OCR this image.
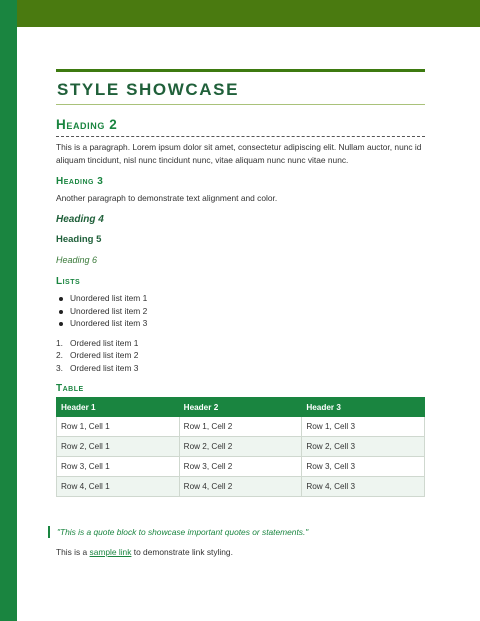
STYLE SHOWCASE
Heading 2

This is a paragraph. Lorem ipsum dolor sit amet, consectetur adipiscing elit. Nullam auctor, nunc id aliquam tincidunt, nisl nunc tincidunt nunc, vitae aliquam nunc nunc vitae nunc.

Heading 3

Another paragraph to demonstrate text alignment and color.

Heading 4
Heading 5
Heading 6
Lists
Unordered list item 1
Unordered list item 2
Unordered list item 3
1. Ordered list item 1
2. Ordered list item 2
3. Ordered list item 3
Table
Header 1	Header 2	Header 3
Row 1, Cell 1	Row 1, Cell 2	Row 1, Cell 3
Row 2, Cell 1	Row 2, Cell 2	Row 2, Cell 3
Row 3, Cell 1	Row 3, Cell 2	Row 3, Cell 3
Row 4, Cell 1	Row 4, Cell 2	Row 4, Cell 3
"This is a quote block to showcase important quotes or statements."

This is a sample link to demonstrate link styling.
